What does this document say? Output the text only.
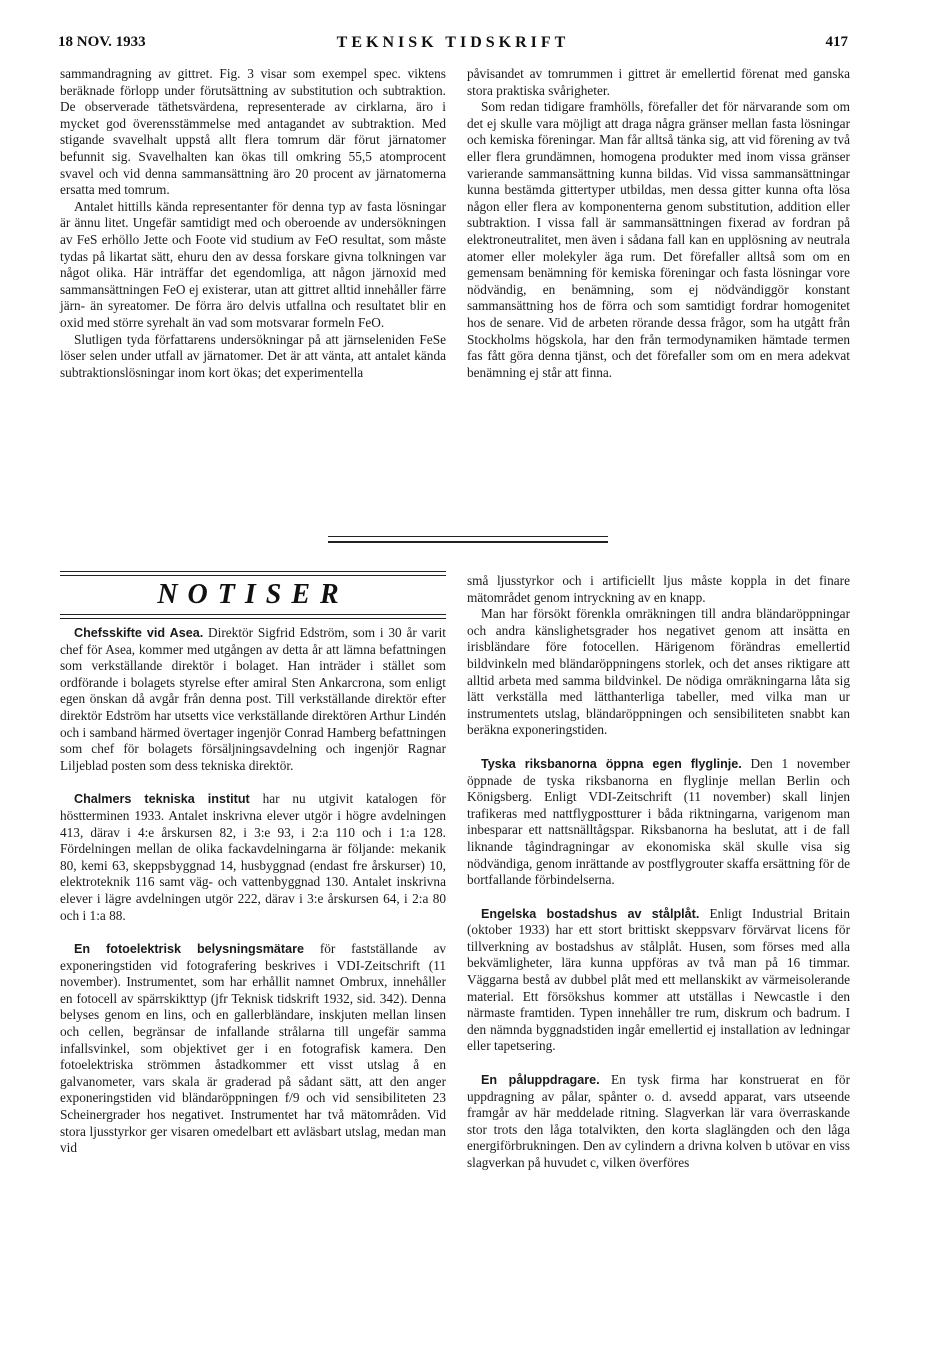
18 NOV. 1933	TEKNISK TIDSKRIFT	417

sammandragning av gittret. Fig. 3 visar som exempel spec. viktens beräknade förlopp under förutsättning av substitution och subtraktion. De observerade täthetsvärdena, representerade av cirklarna, äro i mycket god överensstämmelse med antagandet av subtraktion. Med stigande svavelhalt uppstå allt flera tomrum där förut järnatomer befunnit sig. Svavelhalten kan ökas till omkring 55,5 atomprocent svavel och vid denna sammansättning äro 20 procent av järnatomerna ersatta med tomrum.

Antalet hittills kända representanter för denna typ av fasta lösningar är ännu litet. Ungefär samtidigt med och oberoende av undersökningen av FeS erhöllo Jette och Foote vid studium av FeO resultat, som måste tydas på likartat sätt, ehuru den av dessa forskare givna tolkningen var något olika. Här inträffar det egendomliga, att någon järnoxid med sammansättningen FeO ej existerar, utan att gittret alltid innehåller färre järn- än syreatomer. De förra äro delvis utfallna och resultatet blir en oxid med större syrehalt än vad som motsvarar formeln FeO.

Slutligen tyda författarens undersökningar på att järnseleniden FeSe löser selen under utfall av järnatomer. Det är att vänta, att antalet kända subtraktionslösningar inom kort ökas; det experimentella

påvisandet av tomrummen i gittret är emellertid förenat med ganska stora praktiska svårigheter.

Som redan tidigare framhölls, förefaller det för närvarande som om det ej skulle vara möjligt att draga några gränser mellan fasta lösningar och kemiska föreningar. Man får alltså tänka sig, att vid förening av två eller flera grundämnen, homogena produkter med inom vissa gränser varierande sammansättning kunna bildas. Vid vissa sammansättningar kunna bestämda gittertyper utbildas, men dessa gitter kunna ofta lösa någon eller flera av komponenterna genom substitution, addition eller subtraktion. I vissa fall är sammansättningen fixerad av fordran på elektroneutralitet, men även i sådana fall kan en upplösning av neutrala atomer eller molekyler äga rum. Det förefaller alltså som om en gemensam benämning för kemiska föreningar och fasta lösningar vore nödvändig, en benämning, som ej nödvändiggör konstant sammansättning hos de förra och som samtidigt fordrar homogenitet hos de senare. Vid de arbeten rörande dessa frågor, som ha utgått från Stockholms högskola, har den från termodynamiken hämtade termen fas fått göra denna tjänst, och det förefaller som om en mera adekvat benämning ej står att finna.

NOTISER

Chefsskifte vid Asea. Direktör Sigfrid Edström, som i 30 år varit chef för Asea, kommer med utgången av detta år att lämna befattningen som verkställande direktör i bolaget. Han inträder i stället som ordförande i bolagets styrelse efter amiral Sten Ankarcrona, som enligt egen önskan då avgår från denna post. Till verkställande direktör efter direktör Edström har utsetts vice verkställande direktören Arthur Lindén och i samband härmed övertager ingenjör Conrad Hamberg befattningen som chef för bolagets försäljningsavdelning och ingenjör Ragnar Liljeblad posten som dess tekniska direktör.

Chalmers tekniska institut har nu utgivit katalogen för höstterminen 1933. Antalet inskrivna elever utgör i högre avdelningen 413, därav i 4:e årskursen 82, i 3:e 93, i 2:a 110 och i 1:a 128. Fördelningen mellan de olika fackavdelningarna är följande: mekanik 80, kemi 63, skeppsbyggnad 14, husbyggnad (endast fre årskurser) 10, elektroteknik 116 samt väg- och vattenbyggnad 130. Antalet inskrivna elever i lägre avdelningen utgör 222, därav i 3:e årskursen 64, i 2:a 80 och i 1:a 88.

En fotoelektrisk belysningsmätare för fastställande av exponeringstiden vid fotografering beskrives i VDI-Zeitschrift (11 november). Instrumentet, som har erhållit namnet Ombrux, innehåller en fotocell av spärrskikttyp (jfr Teknisk tidskrift 1932, sid. 342). Denna belyses genom en lins, och en gallerbländare, inskjuten mellan linsen och cellen, begränsar de infallande strålarna till ungefär samma infallsvinkel, som objektivet ger i en fotografisk kamera. Den fotoelektriska strömmen åstadkommer ett visst utslag å en galvanometer, vars skala är graderad på sådant sätt, att den anger exponeringstiden vid bländaröppningen f/9 och vid sensibiliteten 23 Scheinergrader hos negativet. Instrumentet har två mätområden. Vid stora ljusstyrkor ger visaren omedelbart ett avläsbart utslag, medan man vid

små ljusstyrkor och i artificiellt ljus måste koppla in det finare mätområdet genom intryckning av en knapp.

Man har försökt förenkla omräkningen till andra bländaröppningar och andra känslighetsgrader hos negativet genom att insätta en irisbländare före fotocellen. Härigenom förändras emellertid bildvinkeln med bländaröppningens storlek, och det anses riktigare att alltid arbeta med samma bildvinkel. De nödiga omräkningarna låta sig lätt verkställa med lätthanterliga tabeller, med vilka man ur instrumentets utslag, bländaröppningen och sensibiliteten snabbt kan beräkna exponeringstiden.

Tyska riksbanorna öppna egen flyglinje. Den 1 november öppnade de tyska riksbanorna en flyglinje mellan Berlin och Königsberg. Enligt VDI-Zeitschrift (11 november) skall linjen trafikeras med nattflygpostturer i båda riktningarna, varigenom man inbesparar ett nattsnälltågspar. Riksbanorna ha beslutat, att i de fall liknande tågindragningar av ekonomiska skäl skulle visa sig nödvändiga, genom inrättande av postflygrouter skaffa ersättning för de bortfallande förbindelserna.

Engelska bostadshus av stålplåt. Enligt Industrial Britain (oktober 1933) har ett stort brittiskt skeppsvarv förvärvat licens för tillverkning av bostadshus av stålplåt. Husen, som förses med alla bekvämligheter, lära kunna uppföras av två man på 16 timmar. Väggarna bestå av dubbel plåt med ett mellanskikt av värmeisolerande material. Ett försökshus kommer att utställas i Newcastle i den närmaste framtiden. Typen innehåller tre rum, diskrum och badrum. I den nämnda byggnadstiden ingår emellertid ej installation av ledningar eller tapetsering.

En påluppdragare. En tysk firma har konstruerat en för uppdragning av pålar, spånter o. d. avsedd apparat, vars utseende framgår av här meddelade ritning. Slagverkan lär vara överraskande stor trots den låga totalvikten, den korta slaglängden och den låga energiförbrukningen. Den av cylindern a drivna kolven b utövar en viss slagverkan på huvudet c, vilken överföres
